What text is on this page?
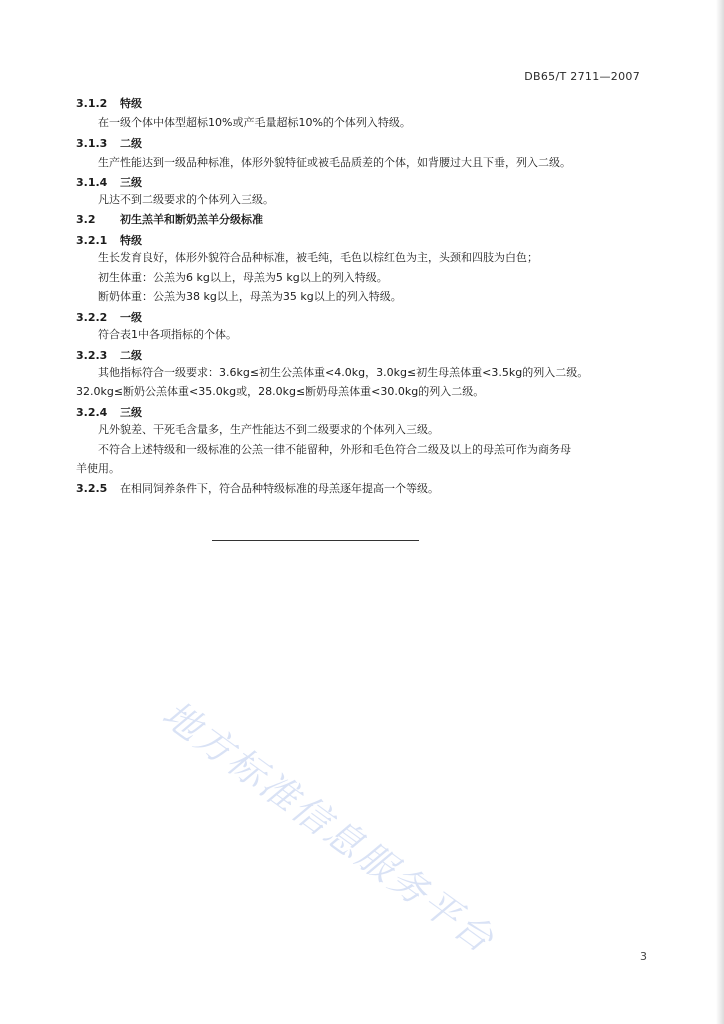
DB65/T 2711—2007
3.1.2 特级
在一级个体中体型超标10%或产毛量超标10%的个体列入特级。
3.1.3 二级
生产性能达到一级品种标准，体形外貌特征或被毛品质差的个体，如背腰过大且下垂，列入二级。
3.1.4 三级
凡达不到二级要求的个体列入三级。
3.2 初生羔羊和断奶羔羊分级标准
3.2.1 特级
生长发育良好，体形外貌符合品种标准，被毛纯，毛色以棕红色为主，头颈和四肢为白色；
初生体重：公羔为6 kg以上，母羔为5 kg以上的列入特级。
断奶体重：公羔为38 kg以上，母羔为35 kg以上的列入特级。
3.2.2 一级
符合表1中各项指标的个体。
3.2.3 二级
其他指标符合一级要求：3.6kg≤初生公羔体重<4.0kg，3.0kg≤初生母羔体重<3.5kg的列入二级。
32.0kg≤断奶公羔体重<35.0kg或，28.0kg≤断奶母羔体重<30.0kg的列入二级。
3.2.4 三级
凡外貌差、干死毛含量多，生产性能达不到二级要求的个体列入三级。
不符合上述特级和一级标准的公羔一律不能留种，外形和毛色符合二级及以上的母羔可作为商务母
羊使用。
3.2.5 在相同饲养条件下，符合品种特级标准的母羔逐年提高一个等级。
地方标准信息服务平台	3
